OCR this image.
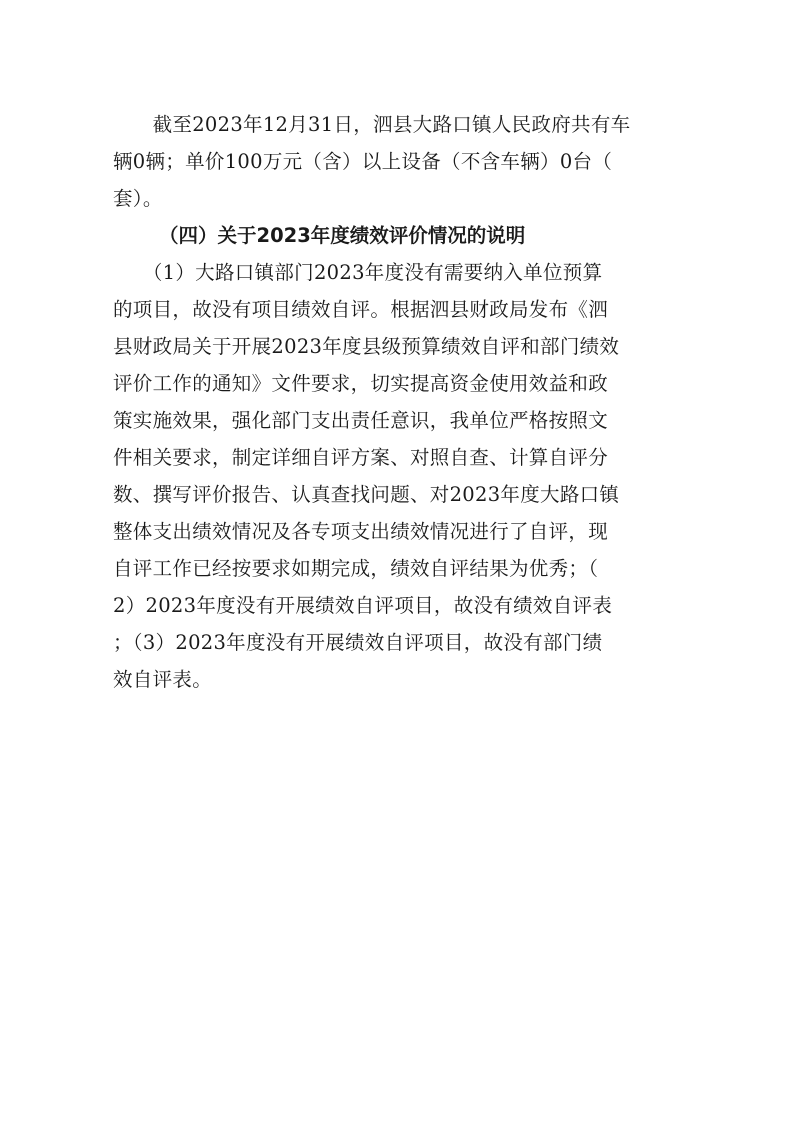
　　截至2023年12月31日，泗县大路口镇人民政府共有车
辆0辆；单价100万元（含）以上设备（不含车辆）0台（
套）。
（四）关于2023年度绩效评价情况的说明
　　（1）大路口镇部门2023年度没有需要纳入单位预算
的项目，故没有项目绩效自评。根据泗县财政局发布《泗
县财政局关于开展2023年度县级预算绩效自评和部门绩效
评价工作的通知》文件要求，切实提高资金使用效益和政
策实施效果，强化部门支出责任意识，我单位严格按照文
件相关要求，制定详细自评方案、对照自查、计算自评分
数、撰写评价报告、认真查找问题、对2023年度大路口镇
整体支出绩效情况及各专项支出绩效情况进行了自评，现
自评工作已经按要求如期完成，绩效自评结果为优秀；（
2）2023年度没有开展绩效自评项目，故没有绩效自评表
；（3）2023年度没有开展绩效自评项目，故没有部门绩
效自评表。
